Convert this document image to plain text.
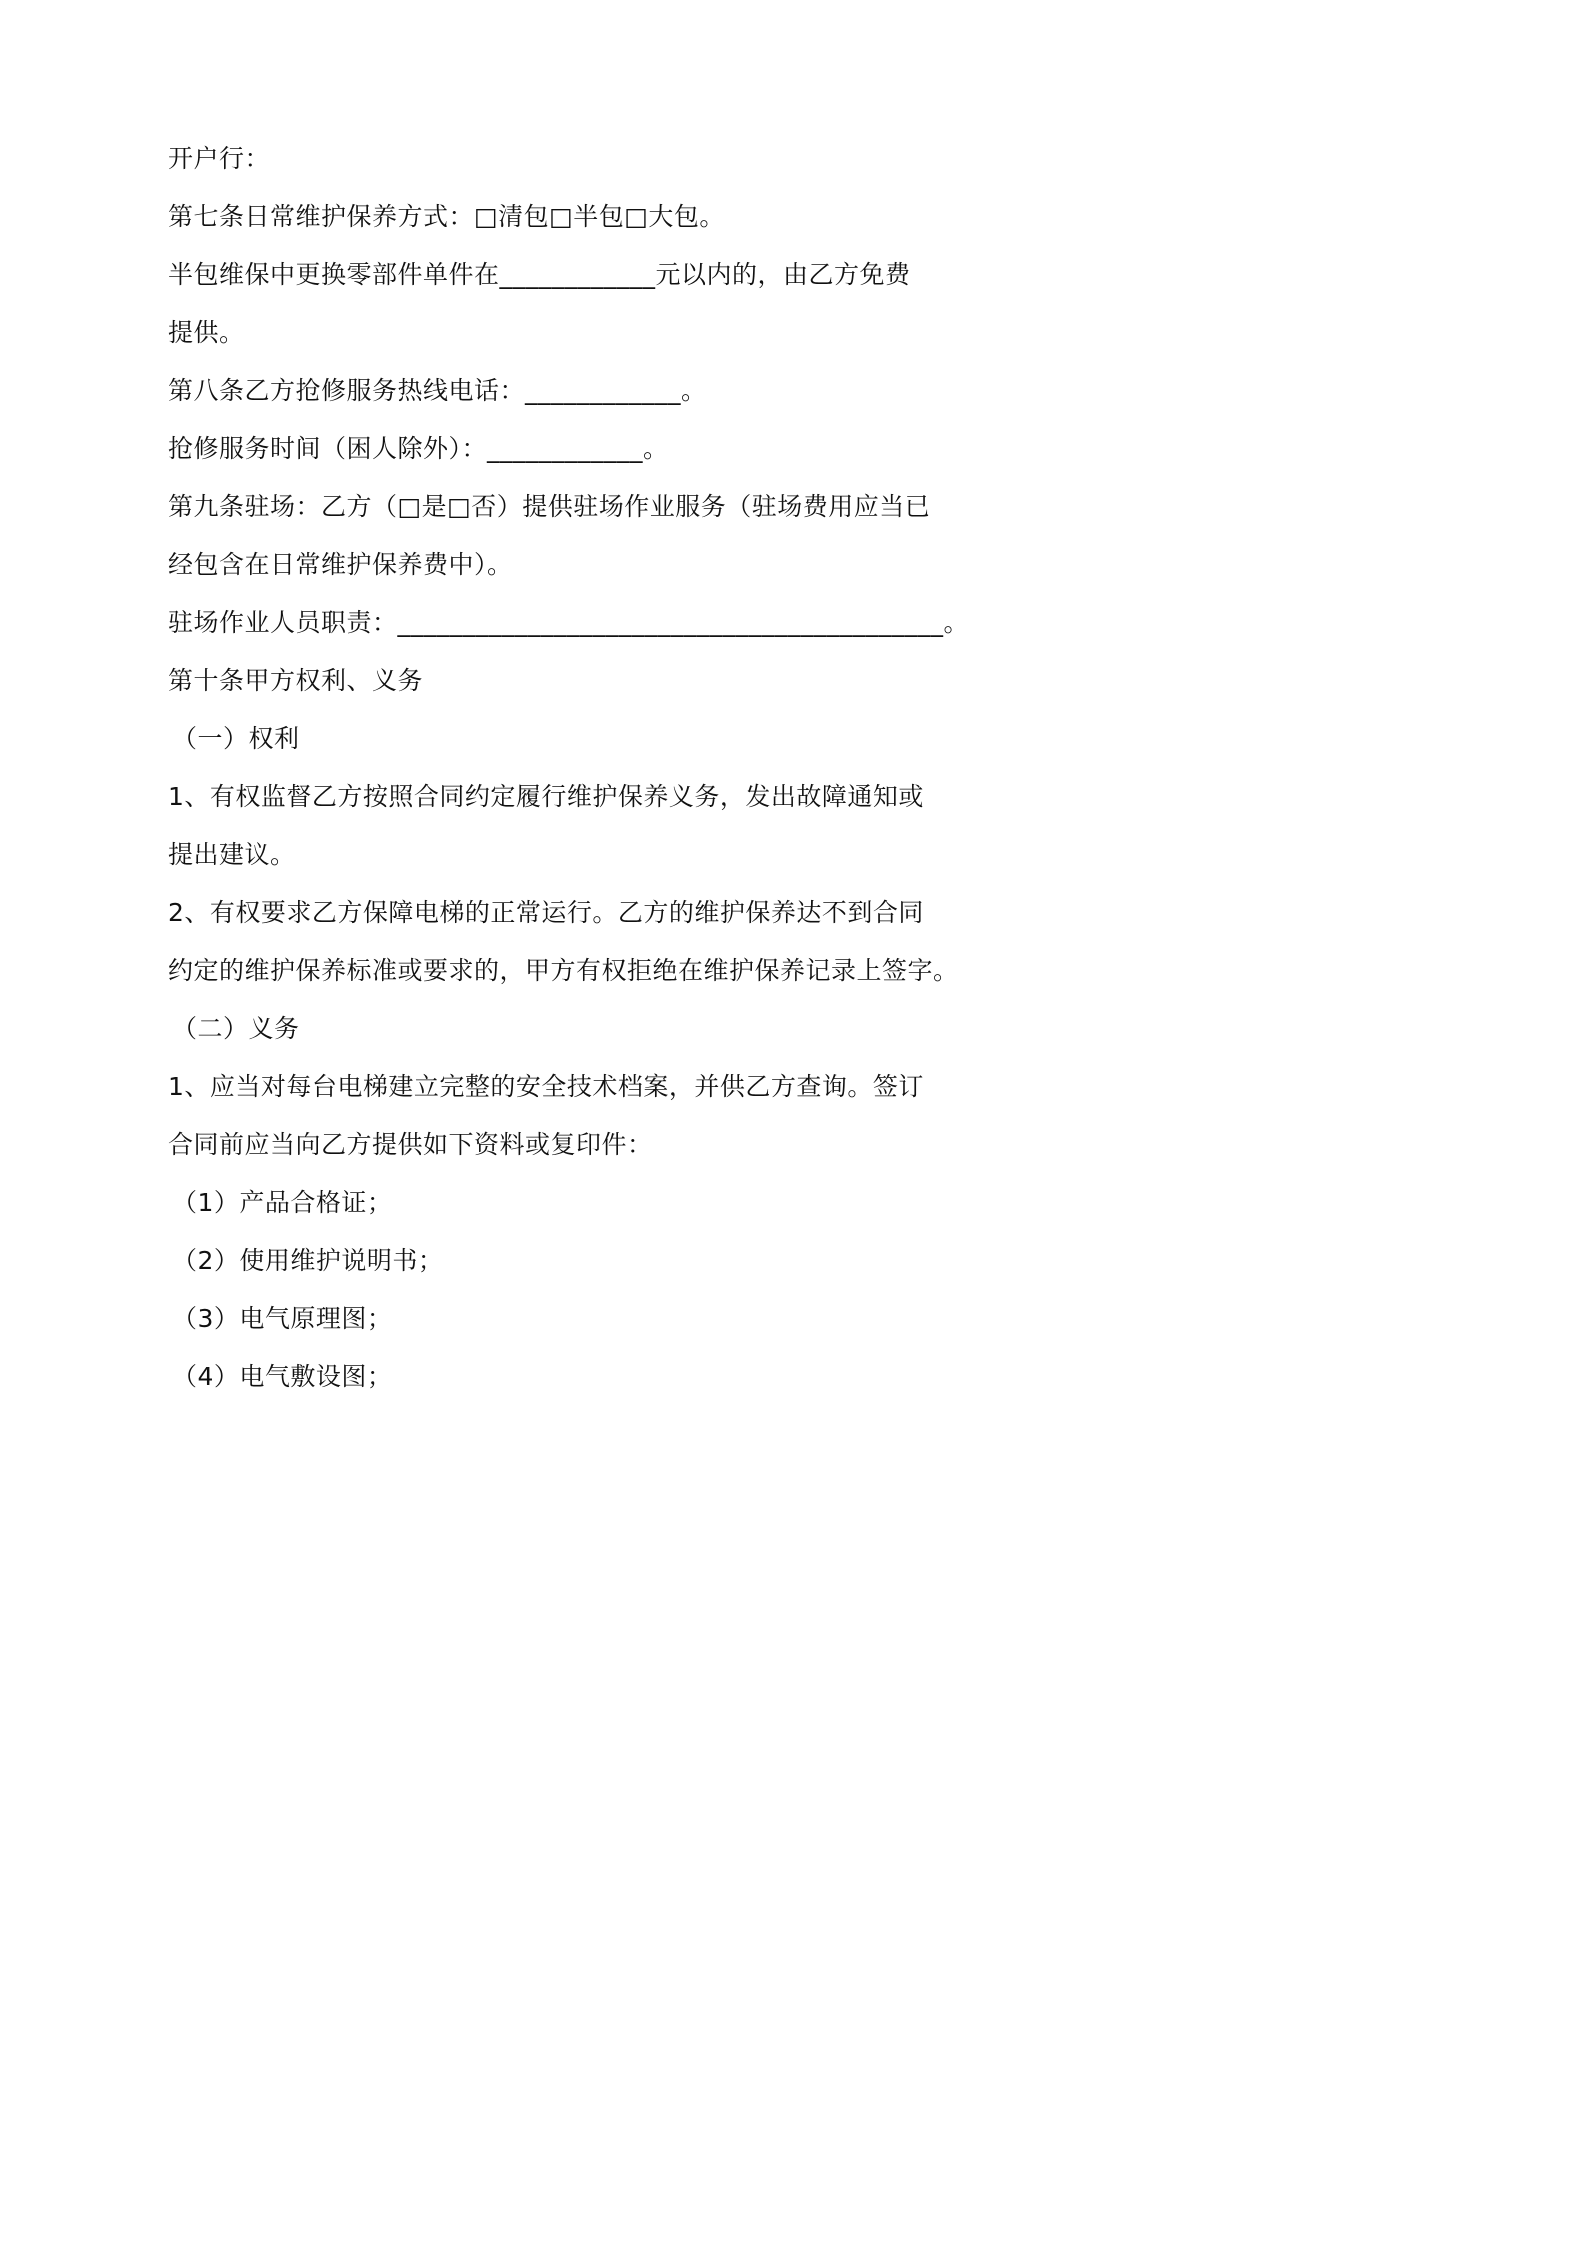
开户行：
第七条日常维护保养方式：□清包□半包□大包。
半包维保中更换零部件单件在____________元以内的，由乙方免费
提供。
第八条乙方抢修服务热线电话：____________。
抢修服务时间（困人除外）：____________。
第九条驻场：乙方（□是□否）提供驻场作业服务（驻场费用应当已
经包含在日常维护保养费中）。
驻场作业人员职责：__________________________________________。
第十条甲方权利、义务
（一）权利
1、有权监督乙方按照合同约定履行维护保养义务，发出故障通知或
提出建议。
2、有权要求乙方保障电梯的正常运行。乙方的维护保养达不到合同
约定的维护保养标准或要求的，甲方有权拒绝在维护保养记录上签字。
（二）义务
1、应当对每台电梯建立完整的安全技术档案，并供乙方查询。签订
合同前应当向乙方提供如下资料或复印件：
（1）产品合格证；
（2）使用维护说明书；
（3）电气原理图；
（4）电气敷设图；
